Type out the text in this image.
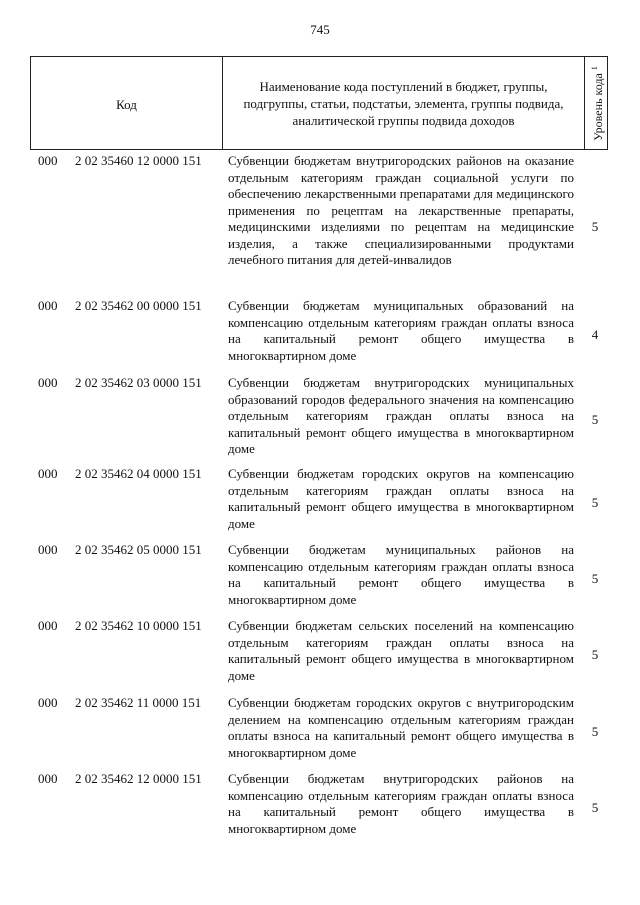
745
Код
Наименование кода поступлений в бюджет, группы, подгруппы, статьи, подстатьи, элемента, группы подвида, аналитической группы подвида доходов	Уровень кода $^1$
000 2 02 35460 12 0000 151 Субвенции бюджетам внутригородских районов на оказание отдельным категориям граждан социальной услуги по обеспечению лекарственными препаратами для медицинского применения по рецептам на лекарственные препараты, медицинскими изделиями по рецептам на медицинские изделия, а также специализированными продуктами лечебного питания для детей-инвалидов
5
000 2 02 35462 00 0000 151 Субвенции бюджетам муниципальных образований на компенсацию отдельным категориям граждан оплаты взноса на капитальный ремонт общего имущества в многоквартирном доме
4
000 2 02 35462 03 0000 151 Субвенции бюджетам внутригородских муниципальных образований городов федерального значения на компенсацию отдельным категориям граждан оплаты взноса на капитальный ремонт общего имущества в многоквартирном доме
5
000 2 02 35462 04 0000 151 Субвенции бюджетам городских округов на компенсацию отдельным категориям граждан оплаты взноса на капитальный ремонт общего имущества в многоквартирном доме
5
000 2 02 35462 05 0000 151 Субвенции бюджетам муниципальных районов на компенсацию отдельным категориям граждан оплаты взноса на капитальный ремонт общего имущества в многоквартирном доме
5
000 2 02 35462 10 0000 151 Субвенции бюджетам сельских поселений на компенсацию отдельным категориям граждан оплаты взноса на капитальный ремонт общего имущества в многоквартирном доме
5
000 2 02 35462 11 0000 151 Субвенции бюджетам городских округов с внутригородским делением на компенсацию отдельным категориям граждан оплаты взноса на капитальный ремонт общего имущества в многоквартирном доме
5
000 2 02 35462 12 0000 151 Субвенции бюджетам внутригородских районов на компенсацию отдельным категориям граждан оплаты взноса на капитальный ремонт общего имущества в многоквартирном доме
5
